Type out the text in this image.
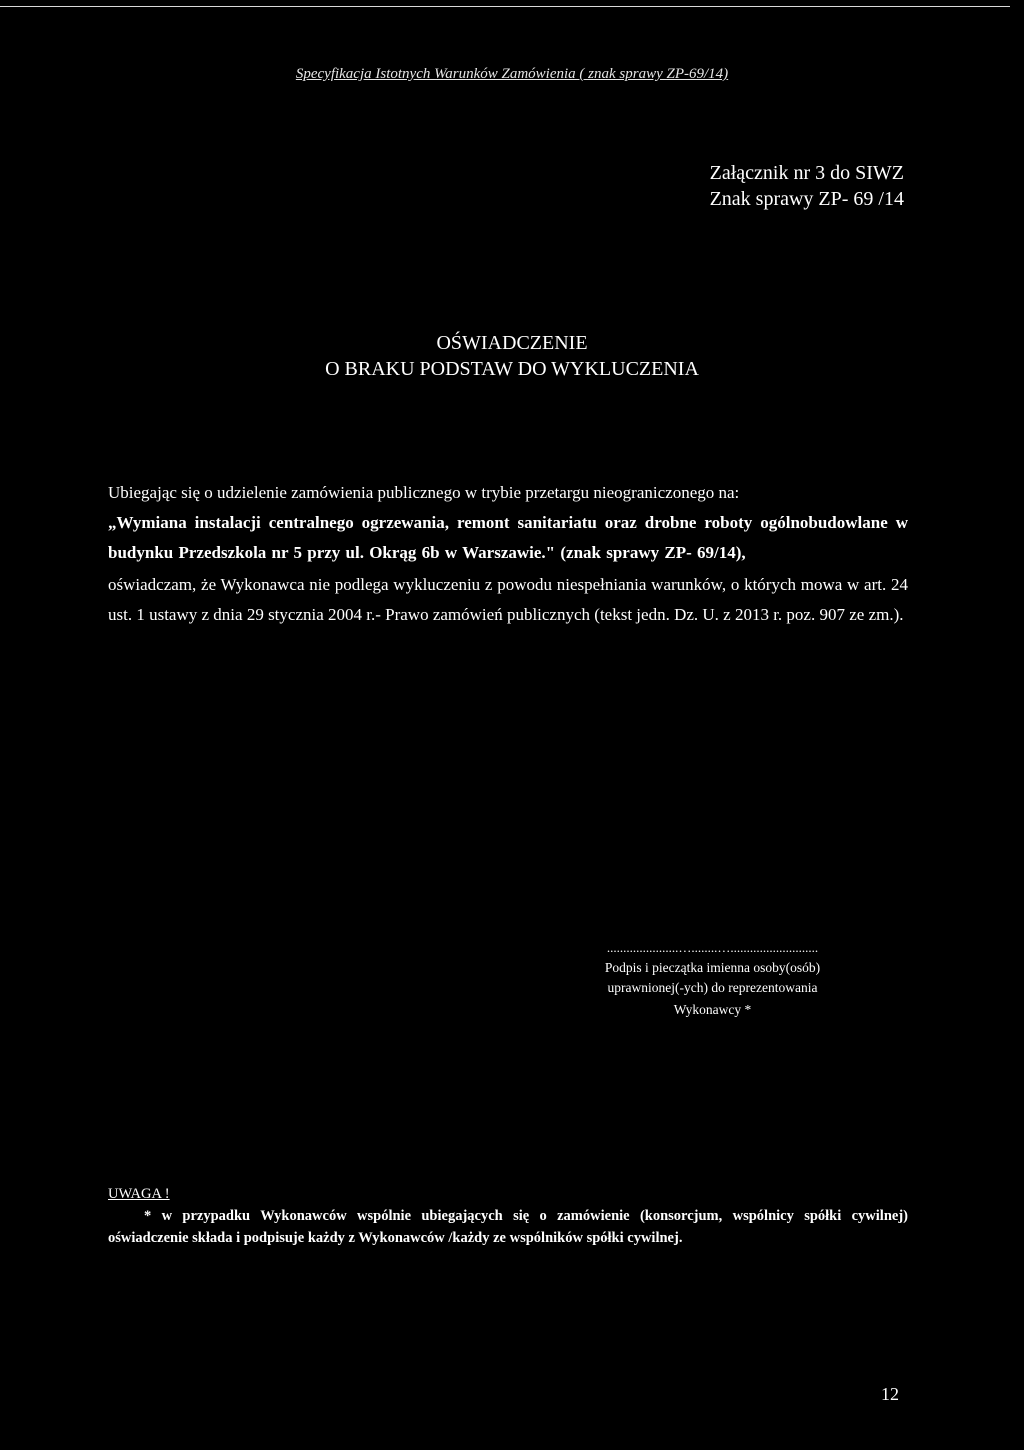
Specyfikacja Istotnych Warunków Zamówienia ( znak sprawy ZP-69/14)
Załącznik nr 3 do SIWZ
Znak sprawy ZP- 69 /14
OŚWIADCZENIE
O BRAKU PODSTAW DO WYKLUCZENIA

Ubiegając się o udzielenie zamówienia publicznego w trybie przetargu nieograniczonego na:

„Wymiana instalacji centralnego ogrzewania, remont sanitariatu oraz drobne roboty ogólnobudowlane w budynku Przedszkola nr 5 przy ul. Okrąg 6b w Warszawie." (znak sprawy ZP- 69/14),

oświadczam, że Wykonawca nie podlega wykluczeniu z powodu niespełniania warunków, o których mowa w art. 24 ust. 1 ustawy z dnia 29 stycznia 2004 r.- Prawo zamówień publicznych (tekst jedn. Dz. U. z 2013 r. poz. 907 ze zm.).

......................…........…...........................
Podpis i pieczątka imienna osoby(osób)
uprawnionej(-ych) do reprezentowania
Wykonawcy *
UWAGA !
* w przypadku Wykonawców wspólnie ubiegających się o zamówienie (konsorcjum, wspólnicy spółki cywilnej) oświadczenie składa i podpisuje każdy z Wykonawców /każdy ze wspólników spółki cywilnej.
12
